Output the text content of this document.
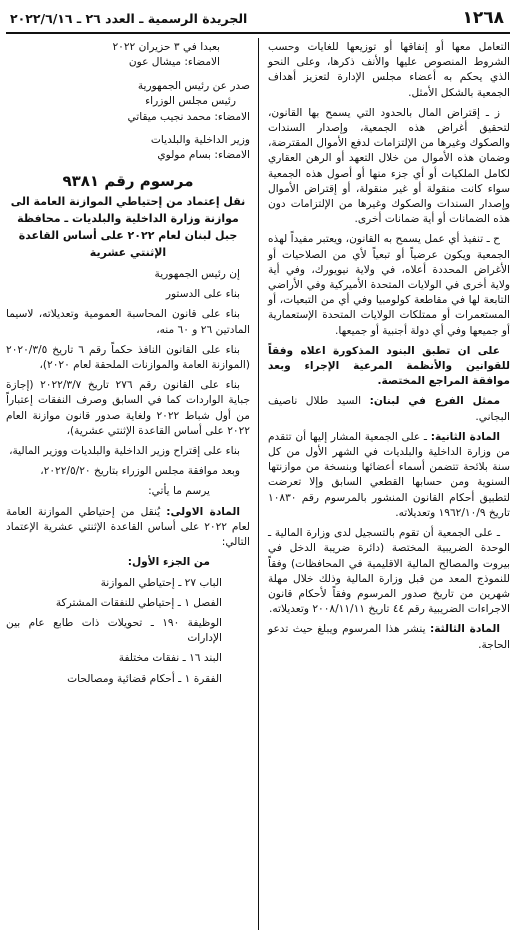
١٢٦٨
الجريدة الرسمية ـ العدد ٢٦ ـ ٢٠٢٢/٦/١٦

التعامل معها أو إنفاقها أو توزيعها للغايات وحسب الشروط المنصوص عليها والأنف ذكرها، وعلى النحو الذي يحكم به أعضاء مجلس الإدارة لتعزيز أهداف الجمعية بالشكل الأمثل.

ز ـ إقتراض المال بالحدود التي يسمح بها القانون، لتحقيق أغراض هذه الجمعية، وإصدار السندات والصكوك وغيرها من الإلتزامات لدفع الأموال المقترضة، وضمان هذه الأموال من خلال التعهد أو الرهن العقاري لكامل الملكيات أو أي جزء منها أو أصول هذه الجمعية سواء كانت منقولة أو غير منقولة، أو إقتراض الأموال وإصدار السندات والصكوك وغيرها من الإلتزامات دون هذه الضمانات أو أية ضمانات أخرى.

ح ـ تنفيذ أي عمل يسمح به القانون، ويعتبر مفيداً لهذه الجمعية ويكون عرضياً أو تبعياً لأي من الصلاحيات أو الأغراض المحددة أعلاه، في ولاية نيويورك، وفي أية ولاية أخرى في الولايات المتحدة الأميركية وفي الأراضي التابعة لها في مقاطعة كولومبيا وفي أي من التبعيات، أو المستعمرات أو ممتلكات الولايات المتحدة الإستعمارية أو جميعها وفي أي دولة أجنبية أو جميعها.

على ان تطبق البنود المذكورة اعلاه وفقاً للقوانين والأنظمة المرعية الإجراء وبعد موافقة المراجع المختصة.

ممثل الفرع في لبنان: السيد طلال ناصيف البجاني.

المادة الثانية: ـ على الجمعية المشار إليها أن تتقدم من وزارة الداخلية والبلديات في الشهر الأول من كل سنة بلائحة تتضمن أسماء أعضائها وبنسخة من موازنتها السنوية ومن حسابها القطعي السابق وإلا تعرضت لتطبيق أحكام القانون المنشور بالمرسوم رقم ١٠٨٣٠ تاريخ ١٩٦٢/١٠/٩ وتعديلاته.

ـ على الجمعية أن تقوم بالتسجيل لدى وزارة المالية ـ الوحدة الضريبية المختصة (دائرة ضريبة الدخل في بيروت والمصالح المالية الاقليمية في المحافظات) وفقاً للنموذج المعد من قبل وزارة المالية وذلك خلال مهلة شهرين من تاريخ صدور المرسوم وفقاً لأحكام قانون الاجراءات الضريبية رقم ٤٤ تاريخ ٢٠٠٨/١١/١١ وتعديلاته.

المادة الثالثة: ينشر هذا المرسوم ويبلغ حيث تدعو الحاجة.

بعبدا في ٣ حزيران ٢٠٢٢
الامضاء: ميشال عون
صدر عن رئيس الجمهورية
رئيس مجلس الوزراء
الامضاء: محمد نجيب ميقاتي
وزير الداخلية والبلديات
الامضاء: بسام مولوي
مرسوم رقم ٩٣٨١
نقل إعتماد من إحتياطي الموازنة العامة الى موازنة وزارة الداخلية والبلديات ـ محافظة جبل لبنان لعام ٢٠٢٢ على أساس القاعدة الإثنتي عشرية

إن رئيس الجمهورية

بناء على الدستور

بناء على قانون المحاسبة العمومية وتعديلاته، لاسيما المادتين ٢٦ و ٦٠ منه،

بناء على القانون النافذ حكماً رقم ٦ تاريخ ٢٠٢٠/٣/٥ (الموازنة العامة والموازنات الملحقة لعام ٢٠٢٠)،

بناء على القانون رقم ٢٧٦ تاريخ ٢٠٢٢/٣/٧ (إجازة جباية الواردات كما في السابق وصرف النفقات إعتباراً من أول شباط ٢٠٢٢ ولغاية صدور قانون موازنة العام ٢٠٢٢ على أساس القاعدة الإثنتي عشرية)،

بناء على إقتراح وزير الداخلية والبلديات ووزير المالية،

وبعد موافقة مجلس الوزراء بتاريخ ٢٠٢٢/٥/٢٠،

يرسم ما يأتي:

المادة الاولى: يُنقل من إحتياطي الموازنة العامة لعام ٢٠٢٢ على أساس القاعدة الإثنتي عشرية الإعتماد التالي:

من الجزء الأول:

الباب ٢٧ ـ إحتياطي الموازنة

الفصل ١ ـ إحتياطي للنفقات المشتركة

الوظيفة ١٩٠ ـ تحويلات ذات طابع عام بين الإدارات

البند ١٦ ـ نفقات مختلفة

الفقرة ١ ـ أحكام قضائية ومصالحات
